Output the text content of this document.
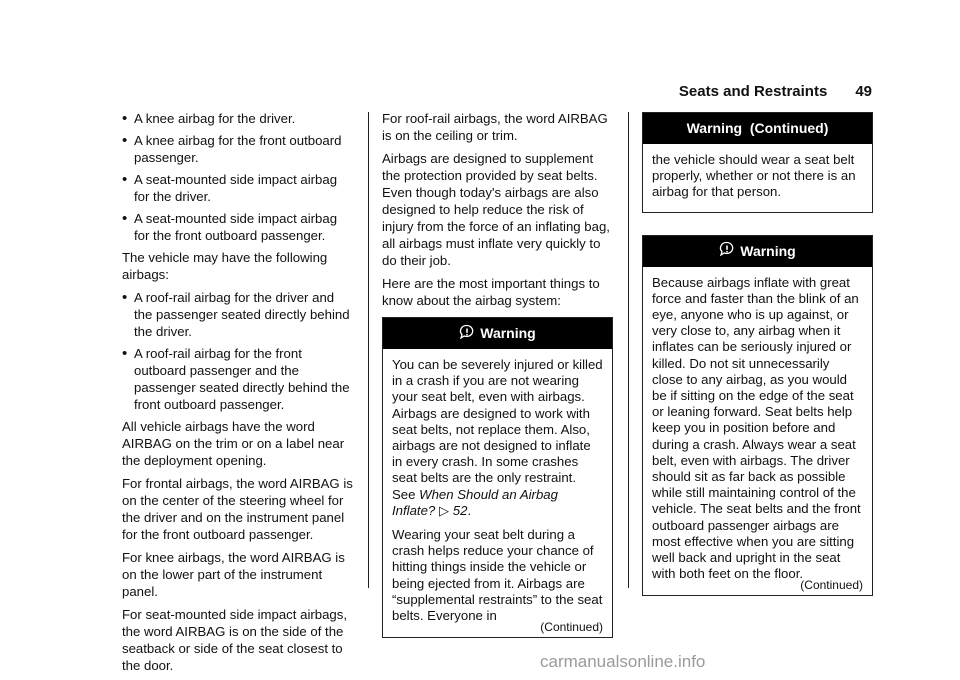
Seats and Restraints 49
• A knee airbag for the driver.
• A knee airbag for the front outboard passenger.
• A seat-mounted side impact airbag for the driver.
• A seat-mounted side impact airbag for the front outboard passenger.

The vehicle may have the following airbags:

• A roof-rail airbag for the driver and the passenger seated directly behind the driver.
• A roof-rail airbag for the front outboard passenger and the passenger seated directly behind the front outboard passenger.

All vehicle airbags have the word AIRBAG on the trim or on a label near the deployment opening.

For frontal airbags, the word AIRBAG is on the center of the steering wheel for the driver and on the instrument panel for the front outboard passenger.

For knee airbags, the word AIRBAG is on the lower part of the instrument panel.

For seat-mounted side impact airbags, the word AIRBAG is on the side of the seatback or side of the seat closest to the door.

For roof-rail airbags, the word AIRBAG is on the ceiling or trim.

Airbags are designed to supplement the protection provided by seat belts. Even though today's airbags are also designed to help reduce the risk of injury from the force of an inflating bag, all airbags must inflate very quickly to do their job.

Here are the most important things to know about the airbag system:

Warning

You can be severely injured or killed in a crash if you are not wearing your seat belt, even with airbags. Airbags are designed to work with seat belts, not replace them. Also, airbags are not designed to inflate in every crash. In some crashes seat belts are the only restraint. See When Should an Airbag Inflate? ▷ 52.

Wearing your seat belt during a crash helps reduce your chance of hitting things inside the vehicle or being ejected from it. Airbags are “supplemental restraints” to the seat belts. Everyone in

(Continued)
Warning  (Continued)

the vehicle should wear a seat belt properly, whether or not there is an airbag for that person.

Warning

Because airbags inflate with great force and faster than the blink of an eye, anyone who is up against, or very close to, any airbag when it inflates can be seriously injured or killed. Do not sit unnecessarily close to any airbag, as you would be if sitting on the edge of the seat or leaning forward. Seat belts help keep you in position before and during a crash. Always wear a seat belt, even with airbags. The driver should sit as far back as possible while still maintaining control of the vehicle. The seat belts and the front outboard passenger airbags are most effective when you are sitting well back and upright in the seat with both feet on the floor.

(Continued)
carmanualsonline.info
